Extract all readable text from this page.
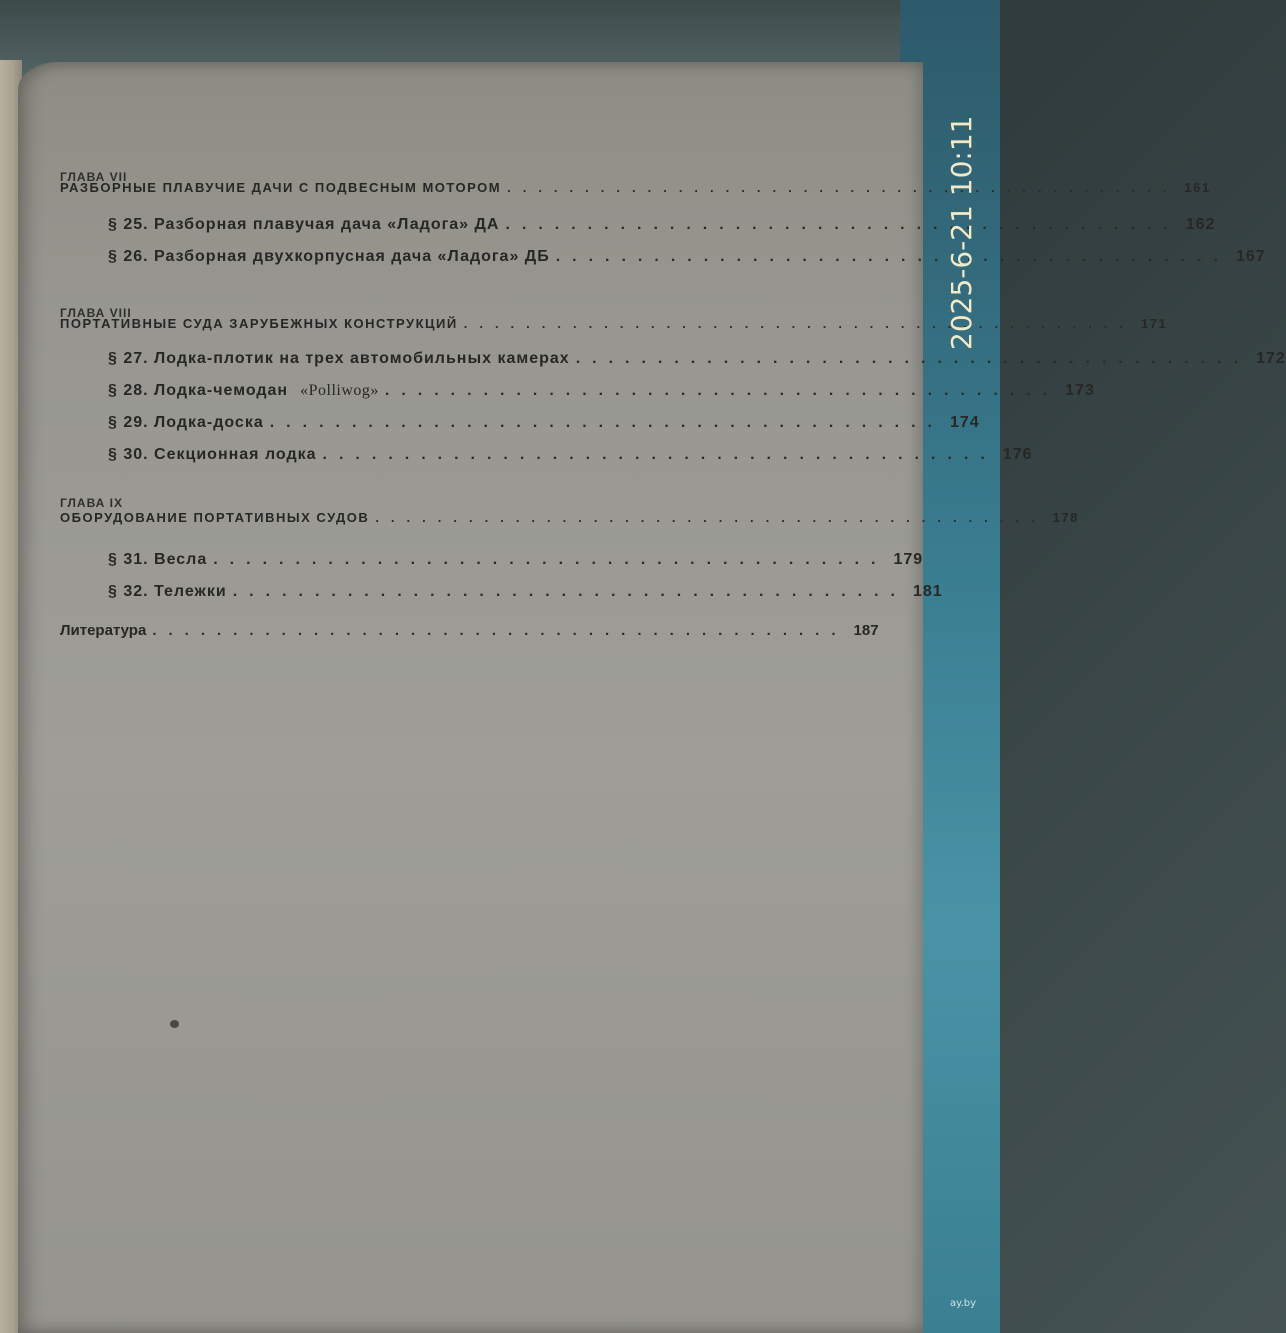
ГЛАВА VII
РАЗБОРНЫЕ ПЛАВУЧИЕ ДАЧИ С ПОДВЕСНЫМ МОТОРОМ ........................................... 161
§ 25. Разборная плавучая дача «Ладога» ДА ......................................... 162
§ 26. Разборная двухкорпусная дача «Ладога» ДБ ......................................... 167
ГЛАВА VIII
ПОРТАТИВНЫЕ СУДА ЗАРУБЕЖНЫХ КОНСТРУКЦИЙ ........................................... 171
§ 27. Лодка-плотик на трех автомобильных камерах ......................................... 172
§ 28. Лодка-чемодан «Polliwog» ......................................... 173
§ 29. Лодка-доска ......................................... 174
§ 30. Секционная лодка ......................................... 176
ГЛАВА IX
ОБОРУДОВАНИЕ ПОРТАТИВНЫХ СУДОВ ........................................... 178
§ 31. Весла ......................................... 179
§ 32. Тележки ......................................... 181
Литература ........................................... 187
2025-6-21 10:11
ay.by
